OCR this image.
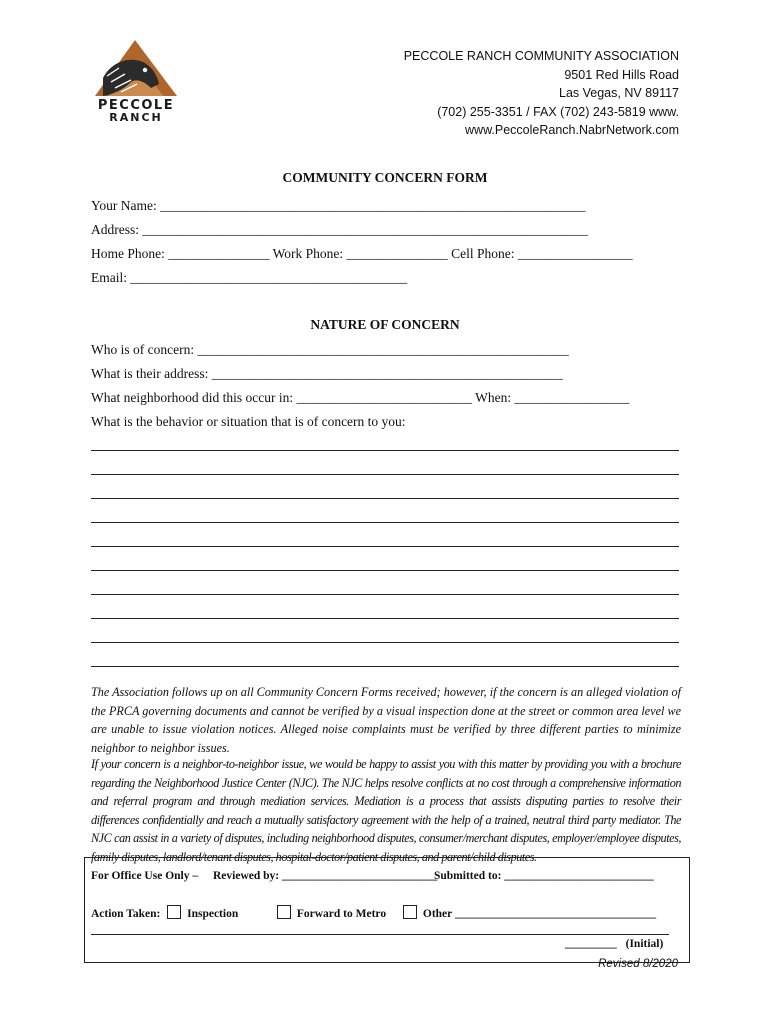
PECCOLE
RANCH
PECCOLE RANCH COMMUNITY ASSOCIATION
9501 Red Hills Road
Las Vegas, NV 89117
(702) 255-3351 / FAX (702) 243-5819 www.
www.PeccoleRanch.NabrNetwork.com
COMMUNITY CONCERN FORM
Your Name: _______________________________________________________________
Address: __________________________________________________________________
Home Phone: _______________ Work Phone: _______________ Cell Phone: _________________
Email: _________________________________________
NATURE OF CONCERN
Who is of concern: _______________________________________________________
What is their address: ____________________________________________________
What neighborhood did this occur in: __________________________ When: _________________
What is the behavior or situation that is of concern to you:
The Association follows up on all Community Concern Forms received; however, if the concern is an alleged violation of the PRCA governing documents and cannot be verified by a visual inspection done at the street or common area level we are unable to issue violation notices. Alleged noise complaints must be verified by three different parties to minimize neighbor to neighbor issues.
If your concern is a neighbor-to-neighbor issue, we would be happy to assist you with this matter by providing you with a brochure regarding the Neighborhood Justice Center (NJC). The NJC helps resolve conflicts at no cost through a comprehensive information and referral program and through mediation services. Mediation is a process that assists disputing parties to resolve their differences confidentially and reach a mutually satisfactory agreement with the help of a trained, neutral third party mediator. The NJC can assist in a variety of disputes, including neighborhood disputes, consumer/merchant disputes, employer/employee disputes, family disputes, landlord/tenant disputes, hospital-doctor/patient disputes, and parent/child disputes.
For Office Use Only – Reviewed by: ___________________________
Submitted to: __________________________
Action Taken: Inspection	Forward to Metro	Other ___________________________________
_________ (Initial)
Revised 8/2020
